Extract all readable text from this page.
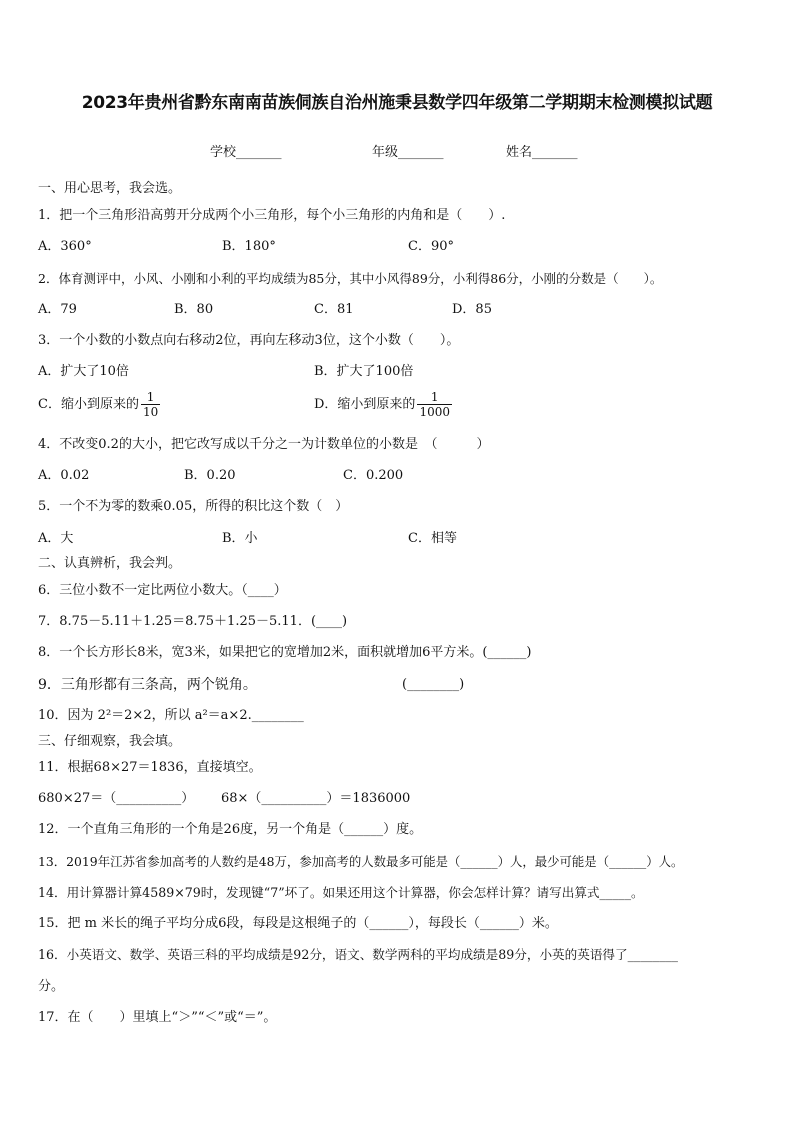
2023年贵州省黔东南南苗族侗族自治州施秉县数学四年级第二学期期末检测模拟试题
学校_______	年级_______	姓名_______
一、用心思考，我会选。
1．把一个三角形沿高剪开分成两个小三角形，每个小三角形的内角和是（　　）.
A．360°	B．180°	C．90°
2．体育测评中，小风、小刚和小利的平均成绩为85分，其中小风得89分，小利得86分，小刚的分数是（　　）。
A．79	B．80	C．81	D．85
3．一个小数的小数点向右移动2位，再向左移动3位，这个小数（　　）。
A．扩大了10倍	B．扩大了100倍
C．缩小到原来的 $\frac{1}{10}$	D．缩小到原来的 $\frac{1}{1000}$
4．不改变0.2的大小，把它改写成以千分之一为计数单位的小数是　（　　　）
A．0.02	B．0.20	C．0.200
5．一个不为零的数乘0.05，所得的积比这个数（　）
A．大	B．小	C．相等
二、认真辨析，我会判。
6．三位小数不一定比两位小数大。（____）
7．8.75－5.11＋1.25＝8.75＋1.25－5.11．(____)
8．一个长方形长8米，宽3米，如果把它的宽增加2米，面积就增加6平方米。(______)
9．三角形都有三条高，两个锐角。	(________)
10．因为 2²＝2×2，所以 a²＝a×2.________
三、仔细观察，我会填。
11．根据68×27＝1836，直接填空。
680×27＝（__________） 68×（__________）＝1836000
12．一个直角三角形的一个角是26度，另一个角是（______）度。
13．2019年江苏省参加高考的人数约是48万，参加高考的人数最多可能是（______）人，最少可能是（______）人。
14．用计算器计算4589×79时，发现键“7”坏了。如果还用这个计算器，你会怎样计算？请写出算式_____。
15．把 m 米长的绳子平均分成6段，每段是这根绳子的（______），每段长（______）米。
16．小英语文、数学、英语三科的平均成绩是92分，语文、数学两科的平均成绩是89分，小英的英语得了________
分。
17．在（　　）里填上“＞”“＜”或“＝”。
